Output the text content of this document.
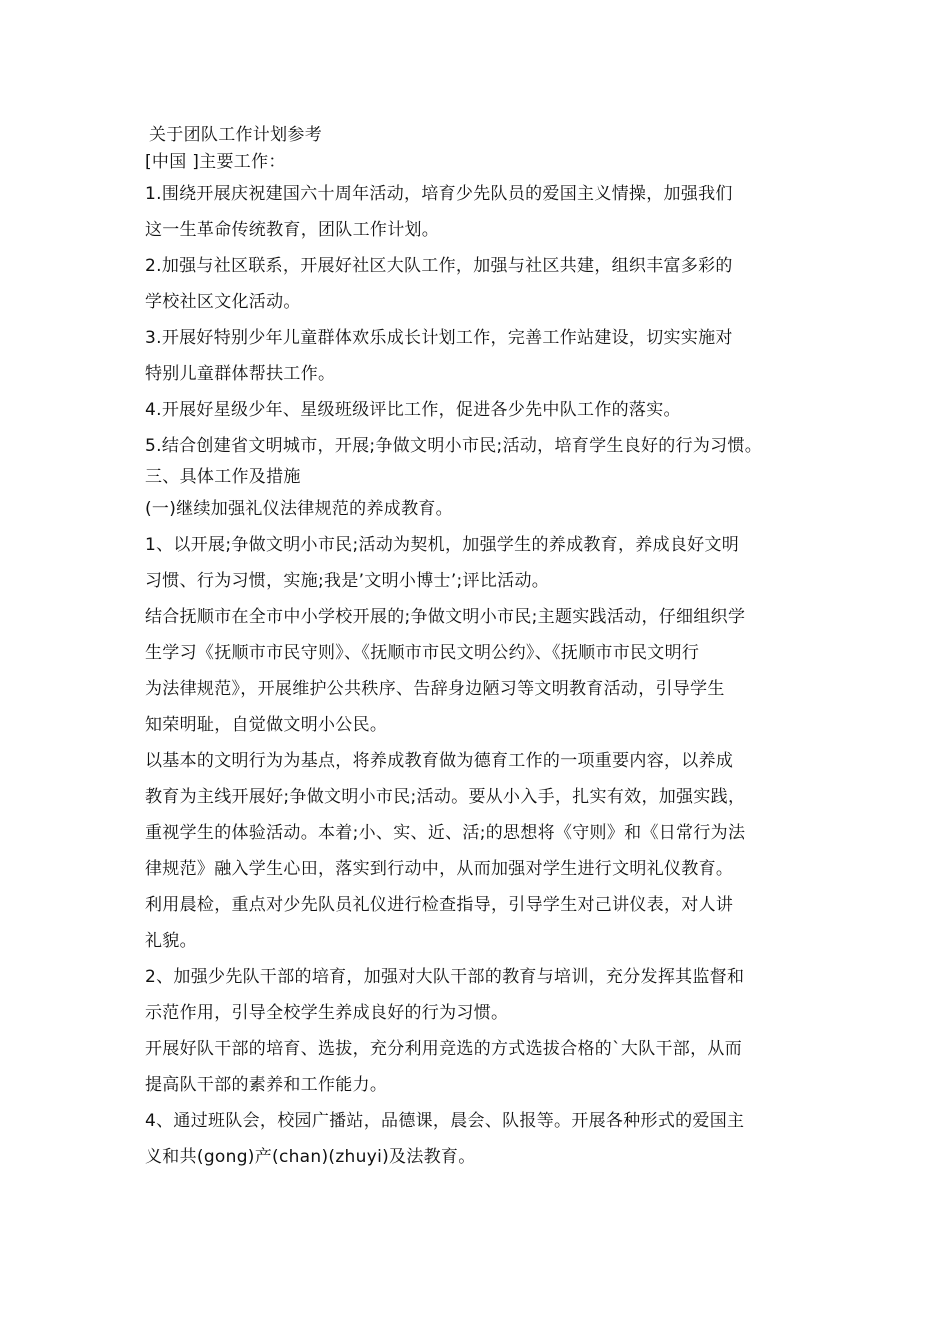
关于团队工作计划参考
[中国 ]主要工作：
1.围绕开展庆祝建国六十周年活动，培育少先队员的爱国主义情操，加强我们
这一生革命传统教育，团队工作计划。
2.加强与社区联系，开展好社区大队工作，加强与社区共建，组织丰富多彩的
学校社区文化活动。
3.开展好特别少年儿童群体欢乐成长计划工作，完善工作站建设，切实实施对
特别儿童群体帮扶工作。
4.开展好星级少年、星级班级评比工作，促进各少先中队工作的落实。
5.结合创建省文明城市，开展;争做文明小市民;活动，培育学生良好的行为习惯。
三、具体工作及措施
(一)继续加强礼仪法律规范的养成教育。
1、以开展;争做文明小市民;活动为契机，加强学生的养成教育，养成良好文明
习惯、行为习惯，实施;我是’文明小博士’;评比活动。
结合抚顺市在全市中小学校开展的;争做文明小市民;主题实践活动，仔细组织学
生学习《抚顺市市民守则》、《抚顺市市民文明公约》、《抚顺市市民文明行
为法律规范》，开展维护公共秩序、告辞身边陋习等文明教育活动，引导学生
知荣明耻，自觉做文明小公民。
以基本的文明行为为基点，将养成教育做为德育工作的一项重要内容，以养成
教育为主线开展好;争做文明小市民;活动。要从小入手，扎实有效，加强实践，
重视学生的体验活动。本着;小、实、近、活;的思想将《守则》和《日常行为法
律规范》融入学生心田，落实到行动中，从而加强对学生进行文明礼仪教育。
利用晨检，重点对少先队员礼仪进行检查指导，引导学生对己讲仪表，对人讲
礼貌。
2、加强少先队干部的培育，加强对大队干部的教育与培训，充分发挥其监督和
示范作用，引导全校学生养成良好的行为习惯。
开展好队干部的培育、选拔，充分利用竞选的方式选拔合格的`大队干部，从而
提高队干部的素养和工作能力。
4、通过班队会，校园广播站，品德课，晨会、队报等。开展各种形式的爱国主
义和共(gong)产(chan)(zhuyi)及法教育。
